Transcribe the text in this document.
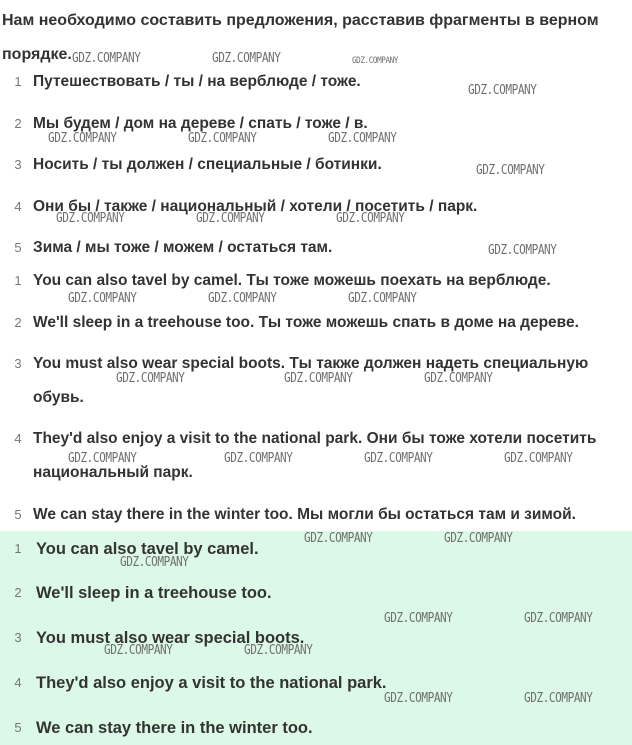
Нам необходимо составить предложения, расставив фрагменты в верном порядке.
1 Путешествовать / ты / на верблюде / тоже.
2 Мы будем / дом на дереве / спать / тоже / в.
3 Носить / ты должен / специальные / ботинки.
4 Они бы / также / национальный / хотели / посетить / парк.
5 Зима / мы тоже / можем / остаться там.
1 You can also tavel by camel. Ты тоже можешь поехать на верблюде.
2 We'll sleep in a treehouse too. Ты тоже можешь спать в доме на дереве.
3 You must also wear special boots. Ты также должен надеть специальную
обувь.
4 They'd also enjoy a visit to the national park. Они бы тоже хотели посетить
национальный парк.
5 We can stay there in the winter too. Мы могли бы остаться там и зимой.
1 You can also tavel by camel.
2 We'll sleep in a treehouse too.
3 You must also wear special boots.
4 They'd also enjoy a visit to the national park.
5 We can stay there in the winter too.
GDZ.COMPANY	GDZ.COMPANY	GDZ.COMPANY
GDZ.COMPANY
GDZ.COMPANY	GDZ.COMPANY	GDZ.COMPANY
GDZ.COMPANY
GDZ.COMPANY	GDZ.COMPANY	GDZ.COMPANY
GDZ.COMPANY
GDZ.COMPANY	GDZ.COMPANY	GDZ.COMPANY
GDZ.COMPANY	GDZ.COMPANY	GDZ.COMPANY
GDZ.COMPANY	GDZ.COMPANY	GDZ.COMPANY	GDZ.COMPANY
GDZ.COMPANY	GDZ.COMPANY
GDZ.COMPANY
GDZ.COMPANY	GDZ.COMPANY
GDZ.COMPANY	GDZ.COMPANY
GDZ.COMPANY	GDZ.COMPANY
